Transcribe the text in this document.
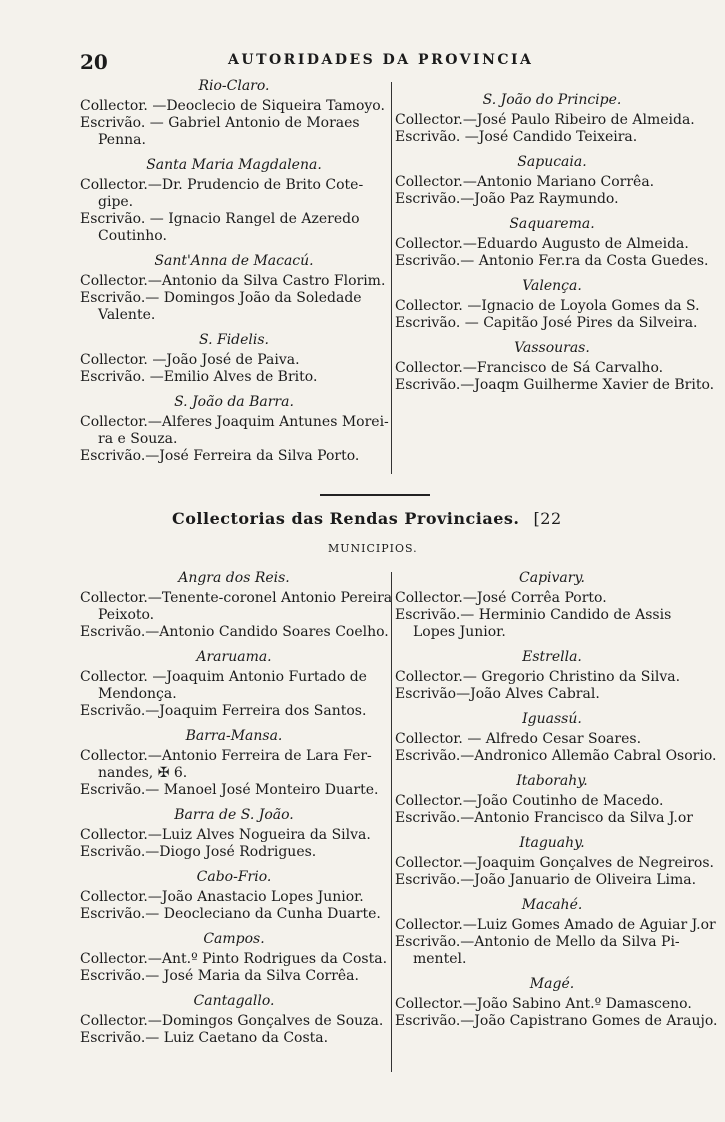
20	AUTORIDADES DA PROVINCIA
Rio-Claro.
Collector. —Deoclecio de Siqueira Tamoyo.
Escrivão. — Gabriel Antonio de Moraes
Penna.
Santa Maria Magdalena.
Collector.—Dr. Prudencio de Brito Cote-
gipe.
Escrivão. — Ignacio Rangel de Azeredo
Coutinho.
Sant'Anna de Macacú.
Collector.—Antonio da Silva Castro Florim.
Escrivão.— Domingos João da Soledade
Valente.
S. Fidelis.
Collector. —João José de Paiva.
Escrivão. —Emilio Alves de Brito.
S. João da Barra.
Collector.—Alferes Joaquim Antunes Morei-
ra e Souza.
Escrivão.—José Ferreira da Silva Porto.
S. João do Principe.
Collector.—José Paulo Ribeiro de Almeida.
Escrivão. —José Candido Teixeira.
Sapucaia.
Collector.—Antonio Mariano Corrêa.
Escrivão.—João Paz Raymundo.
Saquarema.
Collector.—Eduardo Augusto de Almeida.
Escrivão.— Antonio Fer.ra da Costa Guedes.
Valença.
Collector. —Ignacio de Loyola Gomes da S.
Escrivão. — Capitão José Pires da Silveira.
Vassouras.
Collector.—Francisco de Sá Carvalho.
Escrivão.—Joaqm Guilherme Xavier de Brito.
Collectorias das Rendas Provinciaes. [22
MUNICIPIOS.
Angra dos Reis.
Collector.—Tenente-coronel Antonio Pereira
Peixoto.
Escrivão.—Antonio Candido Soares Coelho.
Araruama.
Collector. —Joaquim Antonio Furtado de
Mendonça.
Escrivão.—Joaquim Ferreira dos Santos.
Barra-Mansa.
Collector.—Antonio Ferreira de Lara Fer-
nandes, ✠ 6.
Escrivão.— Manoel José Monteiro Duarte.
Barra de S. João.
Collector.—Luiz Alves Nogueira da Silva.
Escrivão.—Diogo José Rodrigues.
Cabo-Frio.
Collector.—João Anastacio Lopes Junior.
Escrivão.— Deocleciano da Cunha Duarte.
Campos.
Collector.—Ant.º Pinto Rodrigues da Costa.
Escrivão.— José Maria da Silva Corrêa.
Cantagallo.
Collector.—Domingos Gonçalves de Souza.
Escrivão.— Luiz Caetano da Costa.
Capivary.
Collector.—José Corrêa Porto.
Escrivão.— Herminio Candido de Assis
Lopes Junior.
Estrella.
Collector.— Gregorio Christino da Silva.
Escrivão—João Alves Cabral.
Iguassú.
Collector. — Alfredo Cesar Soares.
Escrivão.—Andronico Allemão Cabral Osorio.
Itaborahy.
Collector.—João Coutinho de Macedo.
Escrivão.—Antonio Francisco da Silva J.or
Itaguahy.
Collector.—Joaquim Gonçalves de Negreiros.
Escrivão.—João Januario de Oliveira Lima.
Macahé.
Collector.—Luiz Gomes Amado de Aguiar J.or
Escrivão.—Antonio de Mello da Silva Pi-
mentel.
Magé.
Collector.—João Sabino Ant.º Damasceno.
Escrivão.—João Capistrano Gomes de Araujo.
